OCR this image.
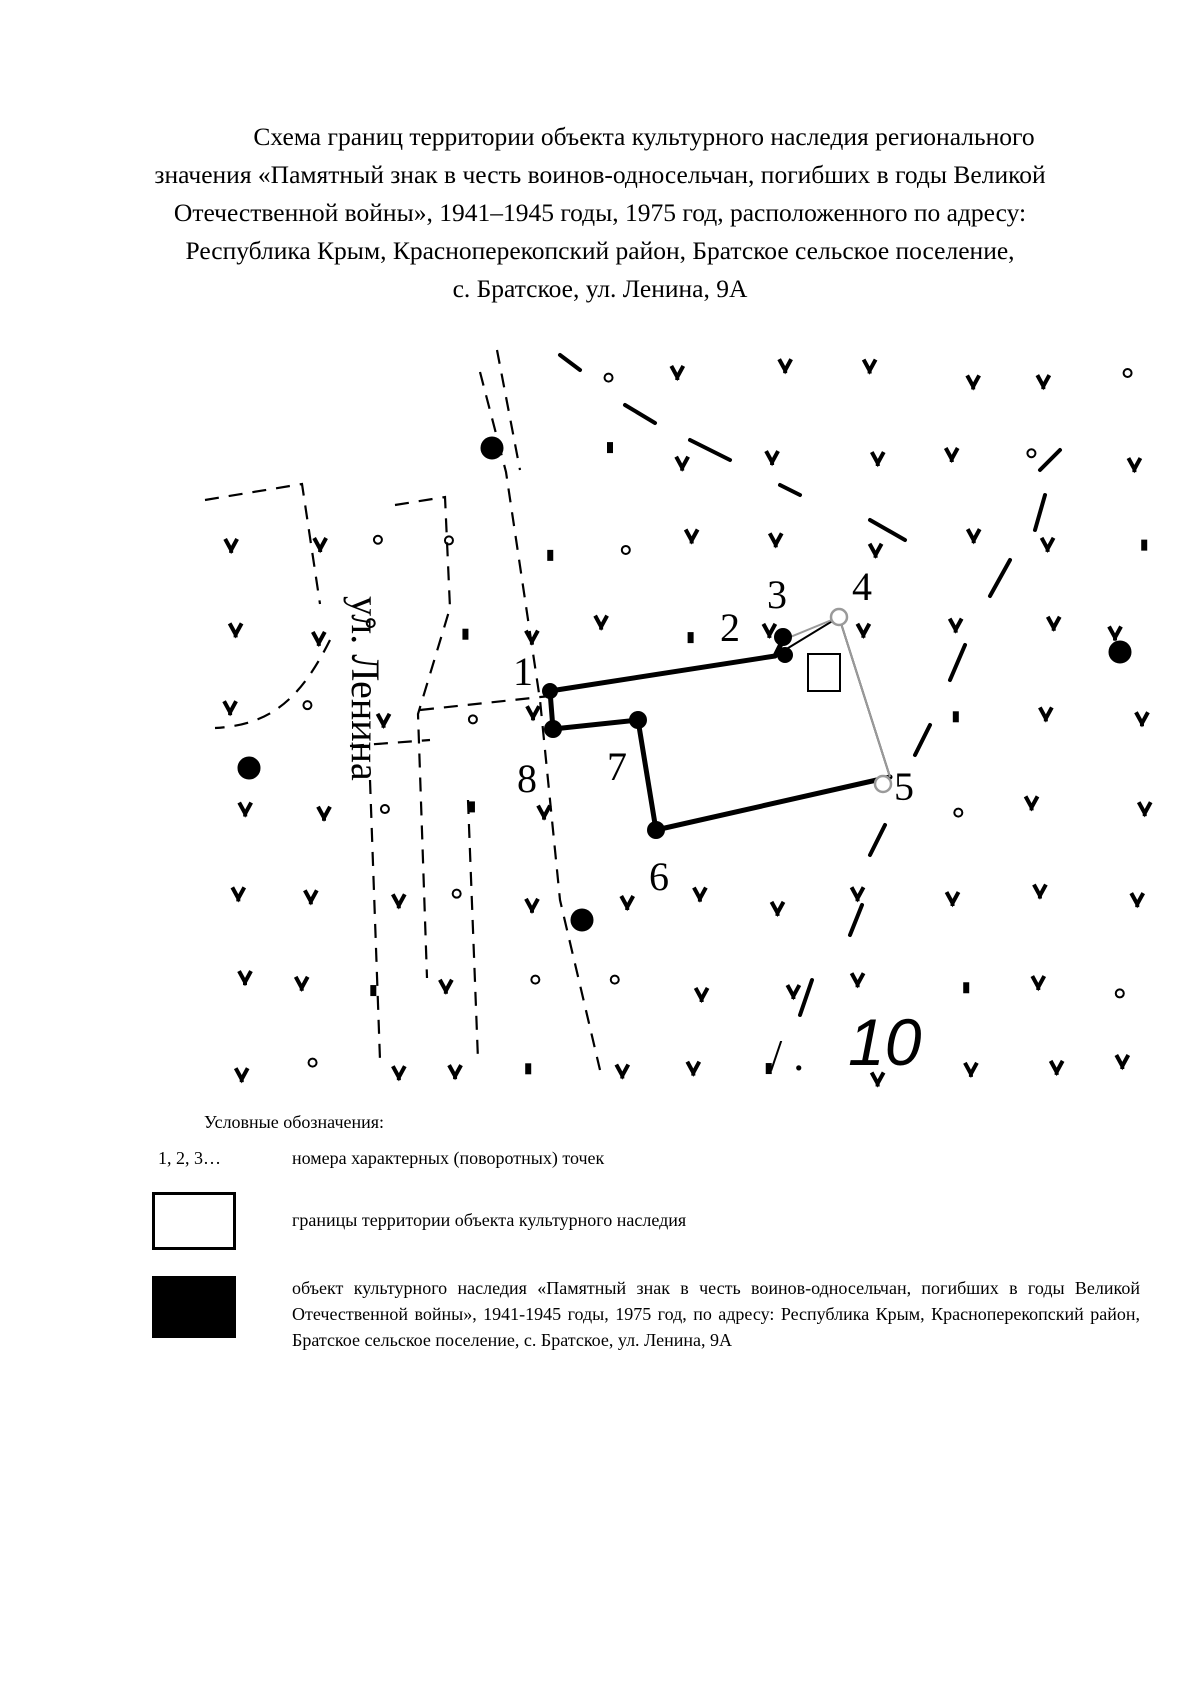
Схема границ территории объекта культурного наследия регионального
значения «Памятный знак в честь воинов-односельчан, погибших в годы Великой
Отечественной войны», 1941–1945 годы, 1975 год, расположенного по адресу:
Республика Крым, Красноперекопский район, Братское сельское поселение,
с. Братское, ул. Ленина, 9А
1
2
3 4
5
6
7
8
ул. Ленина
/ . 10
Условные обозначения:
1, 2, 3…	номера характерных (поворотных) точек
границы территории объекта культурного наследия
объект культурного наследия «Памятный знак в честь воинов-односельчан, погибших в годы Великой Отечественной войны», 1941-1945 годы, 1975 год, по адресу: Республика Крым, Красноперекопский район, Братское сельское поселение, с. Братское, ул. Ленина, 9А
